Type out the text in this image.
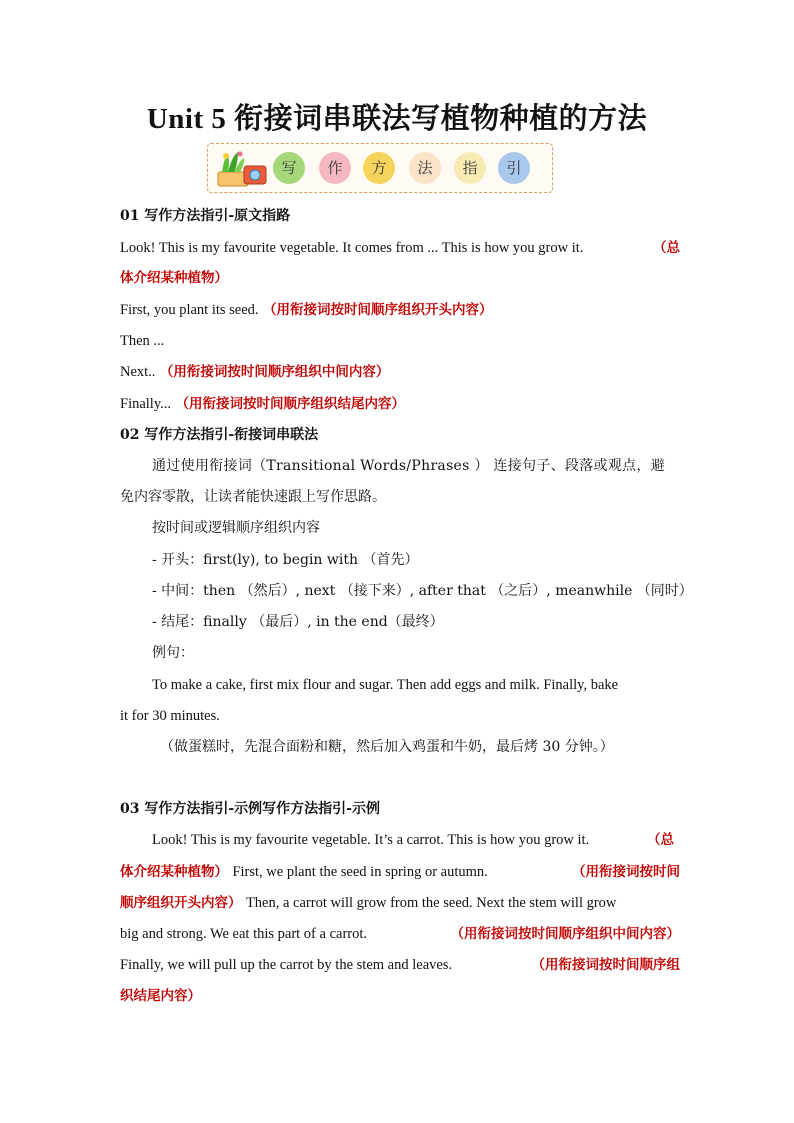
Unit 5 衔接词串联法写植物种植的方法
写	作	方	法	指	引
01 写作方法指引-原文指路
Look! This is my favourite vegetable. It comes from ... This is how you grow it.	（总
体介绍某种植物）
First, you plant its seed. （用衔接词按时间顺序组织开头内容）
Then ...
Next.. （用衔接词按时间顺序组织中间内容）
Finally... （用衔接词按时间顺序组织结尾内容）
02 写作方法指引-衔接词串联法
通过使用衔接词（Transitional Words/Phrases ） 连接句子、段落或观点，避
免内容零散，让读者能快速跟上写作思路。
按时间或逻辑顺序组织内容
- 开头：first(ly), to begin with （首先）
- 中间：then （然后）, next （接下来）, after that （之后）, meanwhile （同时）
- 结尾：finally （最后）, in the end（最终）
例句：
To make a cake, first mix flour and sugar. Then add eggs and milk. Finally, bake
it for 30 minutes.
（做蛋糕时，先混合面粉和糖，然后加入鸡蛋和牛奶，最后烤 30 分钟。）
03 写作方法指引-示例写作方法指引-示例
Look! This is my favourite vegetable. It’s a carrot. This is how you grow it.	（总
体介绍某种植物） First, we plant the seed in spring or autumn.	（用衔接词按时间
顺序组织开头内容） Then, a carrot will grow from the seed. Next the stem will grow
big and strong. We eat this part of a carrot.	（用衔接词按时间顺序组织中间内容）
Finally, we will pull up the carrot by the stem and leaves.	（用衔接词按时间顺序组
织结尾内容）
